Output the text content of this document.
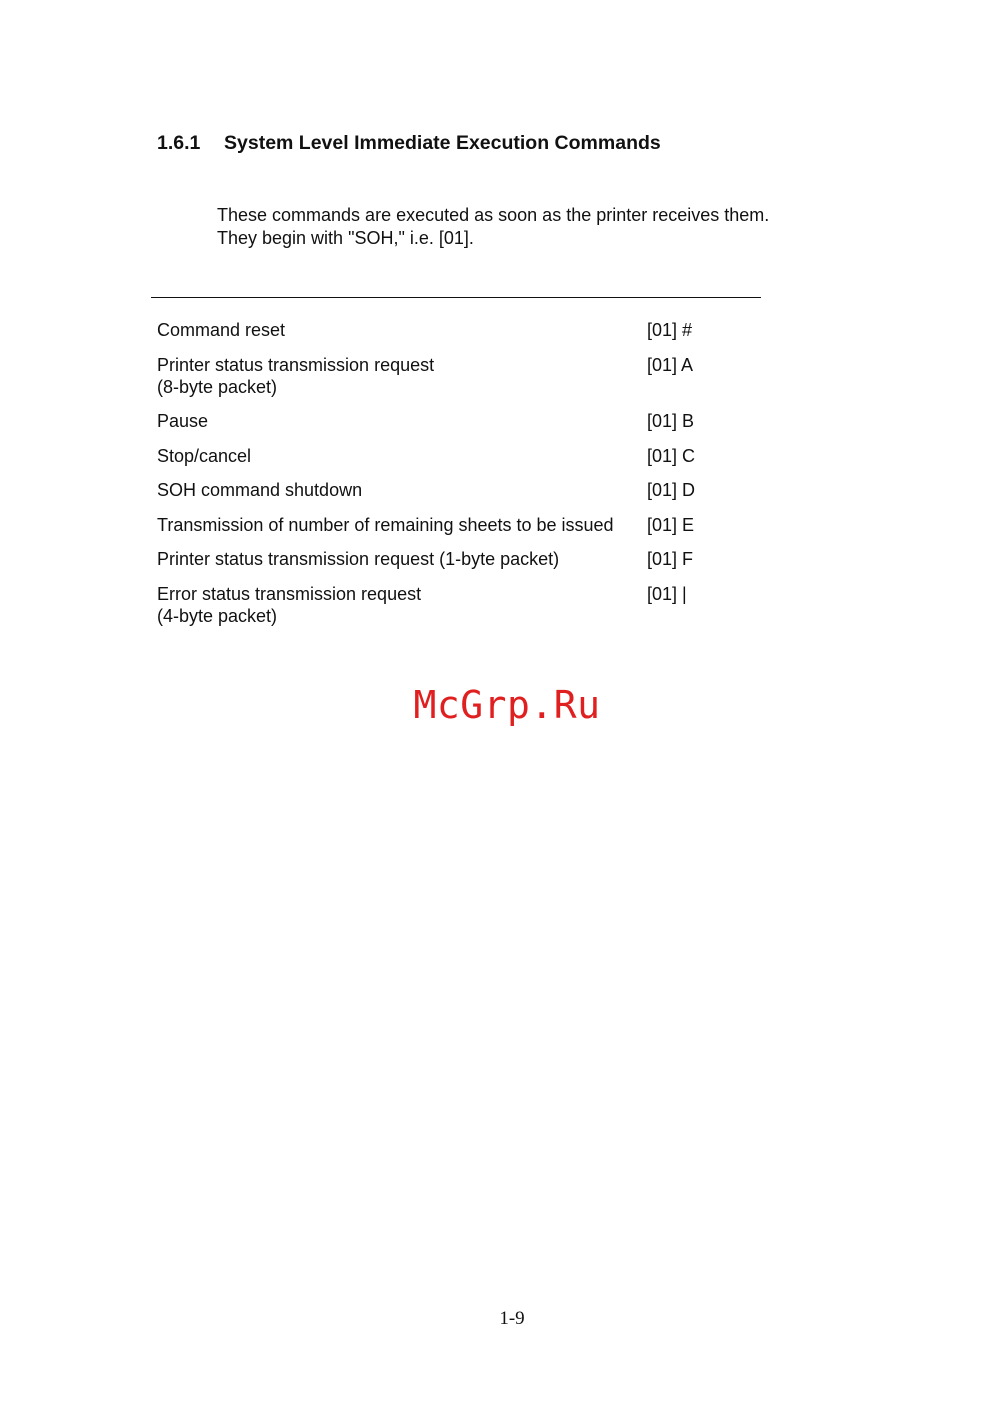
1.6.1 System Level Immediate Execution Commands

These commands are executed as soon as the printer receives them.

They begin with "SOH," i.e. [01].

Command reset	[01] #
Printer status transmission request
(8-byte packet)
[01] A
Pause	[01] B
Stop/cancel	[01] C
SOH command shutdown	[01] D
Transmission of number of remaining sheets to be issued	[01] E
Printer status transmission request (1-byte packet)	[01] F
Error status transmission request
(4-byte packet)
[01] |
McGrp.Ru
1-9
